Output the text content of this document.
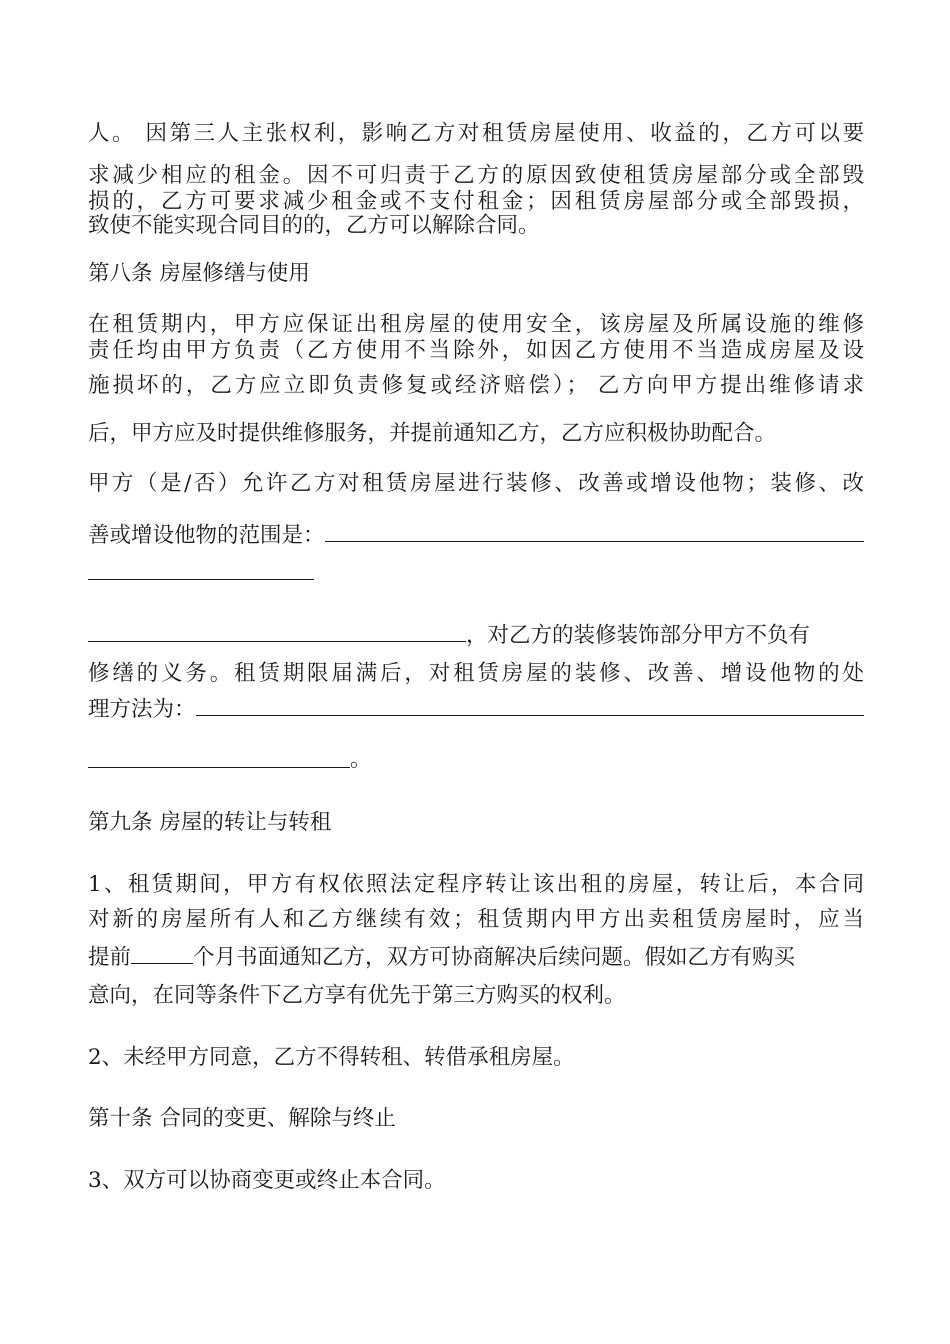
人。 因第三人主张权利，影响乙方对租赁房屋使用、收益的，乙方可以要
求减少相应的租金。因不可归责于乙方的原因致使租赁房屋部分或全部毁
损的，乙方可要求减少租金或不支付租金；因租赁房屋部分或全部毁损，
致使不能实现合同目的的，乙方可以解除合同。
第八条 房屋修缮与使用
在租赁期内，甲方应保证出租房屋的使用安全，该房屋及所属设施的维修
责任均由甲方负责（乙方使用不当除外，如因乙方使用不当造成房屋及设
施损坏的，乙方应立即负责修复或经济赔偿）； 乙方向甲方提出维修请求
后，甲方应及时提供维修服务，并提前通知乙方，乙方应积极协助配合。
甲方（是/否）允许乙方对租赁房屋进行装修、改善或增设他物；装修、改
善或增设他物的范围是：
，对乙方的装修装饰部分甲方不负有
修缮的义务。租赁期限届满后，对租赁房屋的装修、改善、增设他物的处
理方法为：
。
第九条 房屋的转让与转租
1、租赁期间，甲方有权依照法定程序转让该出租的房屋，转让后，本合同
对新的房屋所有人和乙方继续有效；租赁期内甲方出卖租赁房屋时，应当
提前	个月书面通知乙方，双方可协商解决后续问题。假如乙方有购买
意向，在同等条件下乙方享有优先于第三方购买的权利。
2、未经甲方同意，乙方不得转租、转借承租房屋。
第十条 合同的变更、解除与终止
3、双方可以协商变更或终止本合同。
